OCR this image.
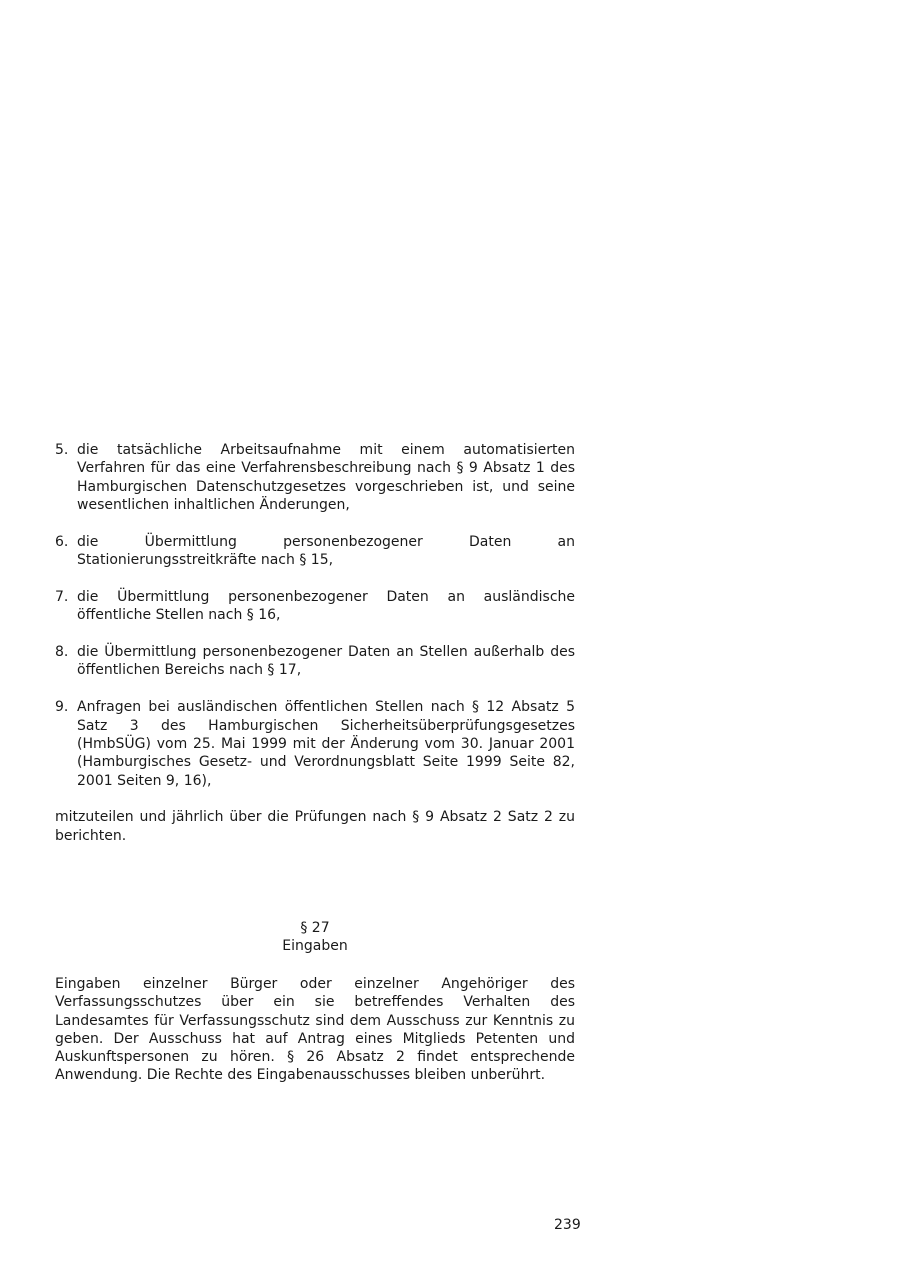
5. die tatsächliche Arbeitsaufnahme mit einem automatisierten Verfahren für das eine Verfahrensbeschreibung nach § 9 Absatz 1 des Hamburgischen Datenschutzgesetzes vorgeschrieben ist, und seine wesentlichen inhaltlichen Änderungen,
6. die Übermittlung personenbezogener Daten an Stationierungsstreitkräfte nach § 15,
7. die Übermittlung personenbezogener Daten an ausländische öffentliche Stellen nach § 16,
8. die Übermittlung personenbezogener Daten an Stellen außerhalb des öffentlichen Bereichs nach § 17,
9. Anfragen bei ausländischen öffentlichen Stellen nach § 12 Absatz 5 Satz 3 des Hamburgischen Sicherheitsüberprüfungsgesetzes (HmbSÜG) vom 25. Mai 1999 mit der Änderung vom 30. Januar 2001 (Hamburgisches Gesetz- und Verordnungsblatt Seite 1999 Seite 82, 2001 Seiten 9, 16),
mitzuteilen und jährlich über die Prüfungen nach § 9 Absatz 2 Satz 2 zu berichten.
§ 27
Eingaben
Eingaben einzelner Bürger oder einzelner Angehöriger des Verfassungsschutzes über ein sie betreffendes Verhalten des Landesamtes für Verfassungsschutz sind dem Ausschuss zur Kenntnis zu geben. Der Ausschuss hat auf Antrag eines Mitglieds Petenten und Auskunftspersonen zu hören. § 26 Absatz 2 findet entsprechende Anwendung. Die Rechte des Eingabenausschusses bleiben unberührt.
239
